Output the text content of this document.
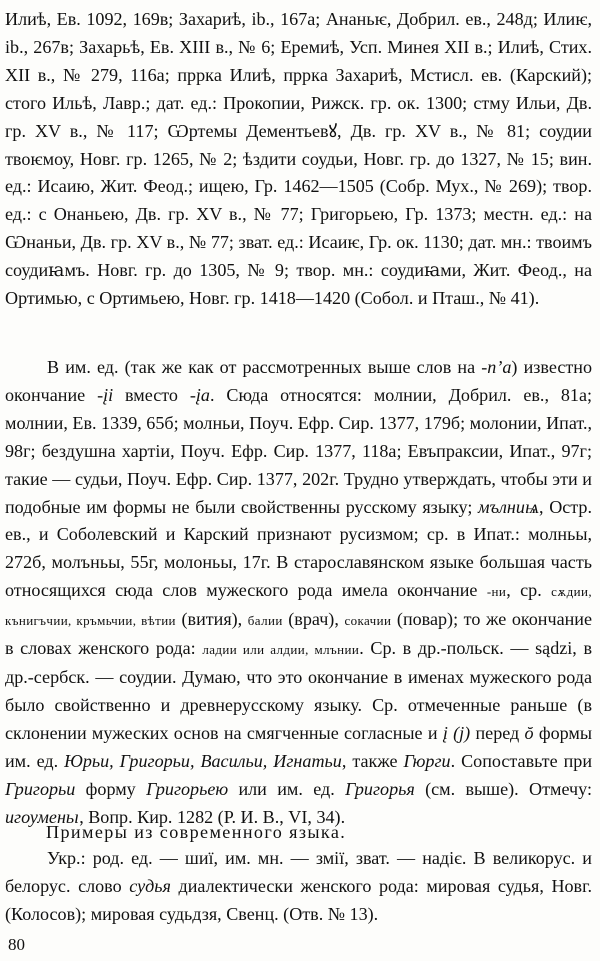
Илиѣ, Ев. 1092, 169в; Захариѣ, ib., 167а; Ананьѥ, Добрил. ев., 248д; Илиѥ, ib., 267в; Захарьѣ, Ев. XIII в., № 6; Еремиѣ, Усп. Минея XII в.; Илиѣ, Стих. XII в., № 279, 116а; прркa Илиѣ, прркa Захариѣ, Мстисл. ев. (Карский); стoго Ильѣ, Лавр.; дат. ед.: Прокопии, Рижск. гр. ок. 1300; стму Ильи, Дв. гр. XV в., № 117; Ѡртемы Дементьевꙋ, Дв. гр. XV в., № 81; соудии твоѥмоу, Новг. гр. 1265, № 2; ѣздити соудьи, Новг. гр. до 1327, № 15; вин. ед.: Исаию, Жит. Феод.; ищею, Гр. 1462—1505 (Собр. Мух., № 269); твор. ед.: с Онаньею, Дв. гр. XV в., № 77; Григорьею, Гр. 1373; местн. ед.: на Ѡнаньи, Дв. гр. XV в., № 77; зват. ед.: Исаиѥ, Гр. ок. 1130; дат. мн.: твоимъ соудиꙗмъ. Новг. гр. до 1305, № 9; твор. мн.: соудиꙗми, Жит. Феод., на Ортимью, с Ортимьею, Новг. гр. 1418—1420 (Собол. и Пташ., № 41).

В им. ед. (так же как от рассмотренных выше слов на -n’a) известно окончание -įi вместо -įa. Сюда относятся: молнии, Добрил. ев., 81а; молнии, Ев. 1339, 65б; молньи, Поуч. Ефр. Сир. 1377, 179б; молонии, Ипат., 98г; бездушна хартiи, Поуч. Ефр. Сир. 1377, 118а; Евъпраксии, Ипат., 97г; такие — судьи, Поуч. Ефр. Сир. 1377, 202г. Трудно утверждать, чтобы эти и подобные им формы не были свойственны русскому языку; мълниѩ, Остр. ев., и Соболевский и Карский признают русизмом; ср. в Ипат.: молньы, 272б, молъньы, 55г, молоньы, 17г. В старославянском языке большая часть относящихся сюда слов мужеского рода имела окончание -ни, ср. сѫдии, кънигъчии, кръмьчии, вѣтии (вития), балии (врач), сокачии (повар); то же окончание в словах женского рода: ладии или алдии, млънии. Ср. в др.-польск. — sądzi, в др.-сербск. — соудии. Думаю, что это окончание в именах мужеского рода было свойственно и древнерусскому языку. Ср. отмеченные раньше (в склонении мужеских основ на смягченные согласные и į (j) перед ŏ формы им. ед. Юрьи, Григорьи, Васильи, Игнатьи, также Гюрги. Сопоставьте при Григорьи форму Григорьею или им. ед. Григорья (см. выше). Отмечу: игоуменьı, Вопр. Кир. 1282 (Р. И. В., VI, 34).

Примеры из современного языка.

Укр.: род. ед. — шиї, им. мн. — змiї, зват. — надiє. В великорус. и белорус. слово судья диалектически женского рода: мировая судья, Новг. (Колосов); мировая судьдзя, Свенц. (Отв. № 13).

80
